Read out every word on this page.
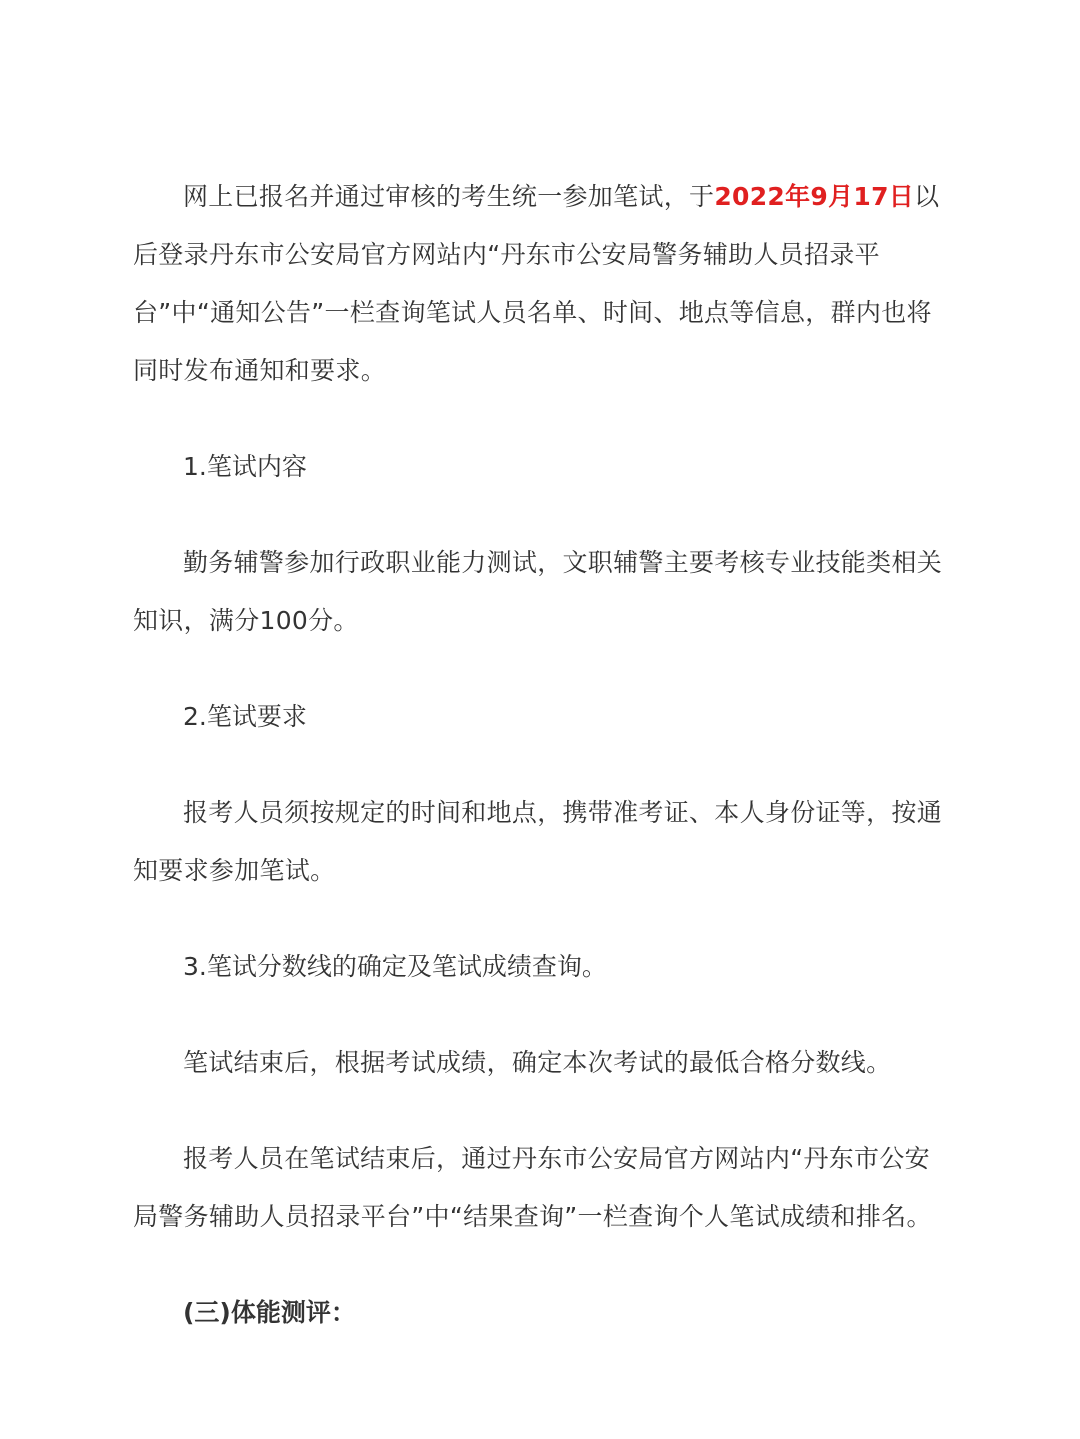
网上已报名并通过审核的考生统一参加笔试，于2022年9月17日以后登录丹东市公安局官方网站内“丹东市公安局警务辅助人员招录平台”中“通知公告”一栏查询笔试人员名单、时间、地点等信息，群内也将同时发布通知和要求。

1.笔试内容

勤务辅警参加行政职业能力测试，文职辅警主要考核专业技能类相关知识，满分100分。

2.笔试要求

报考人员须按规定的时间和地点，携带准考证、本人身份证等，按通知要求参加笔试。

3.笔试分数线的确定及笔试成绩查询。

笔试结束后，根据考试成绩，确定本次考试的最低合格分数线。

报考人员在笔试结束后，通过丹东市公安局官方网站内“丹东市公安局警务辅助人员招录平台”中“结果查询”一栏查询个人笔试成绩和排名。

(三)体能测评：
